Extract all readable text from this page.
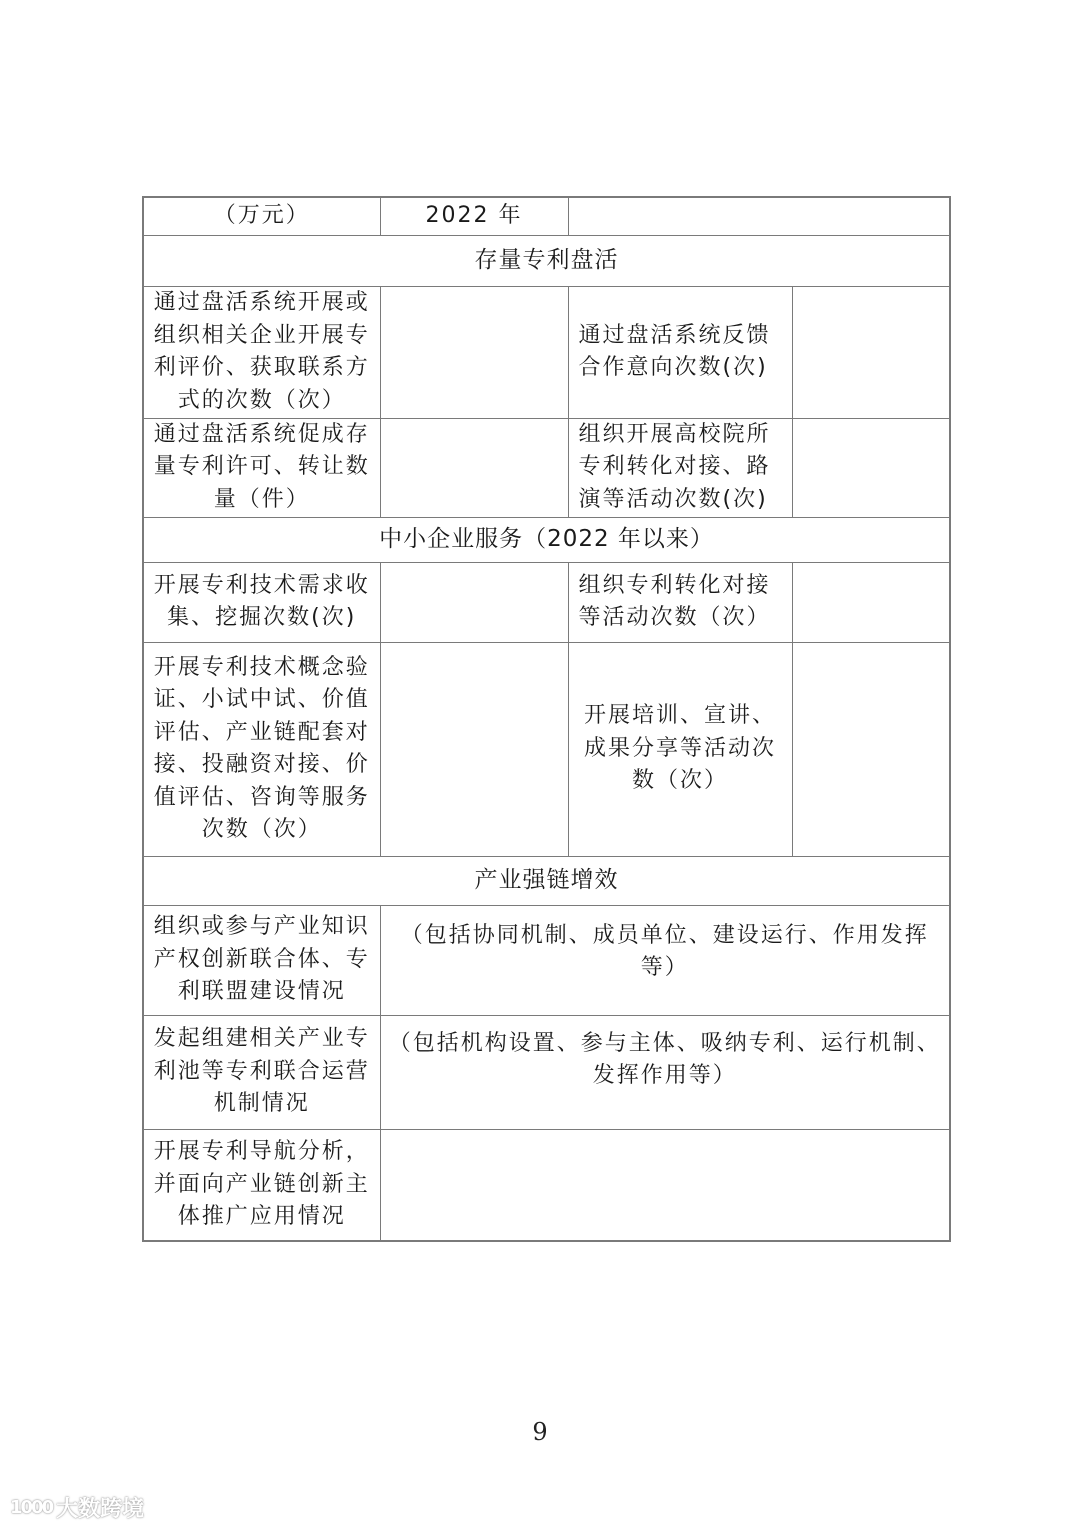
（万元）	2022 年		
存量专利盘活			
通过盘活系统开展或组织相关企业开展专利评价、获取联系方式的次数（次）		通过盘活系统反馈合作意向次数(次)	
通过盘活系统促成存量专利许可、转让数量（件）		组织开展高校院所专利转化对接、路演等活动次数(次)	
中小企业服务（2022 年以来）			
开展专利技术需求收集、挖掘次数(次)		组织专利转化对接等活动次数（次）	
开展专利技术概念验证、小试中试、价值评估、产业链配套对接、投融资对接、价值评估、咨询等服务次数（次）		开展培训、宣讲、成果分享等活动次数（次）	
产业强链增效			
组织或参与产业知识产权创新联合体、专利联盟建设情况	（包括协同机制、成员单位、建设运行、作用发挥等）		
发起组建相关产业专利池等专利联合运营机制情况	（包括机构设置、参与主体、吸纳专利、运行机制、发挥作用等）		
开展专利导航分析，并面向产业链创新主体推广应用情况			
9
1000 大数跨境
